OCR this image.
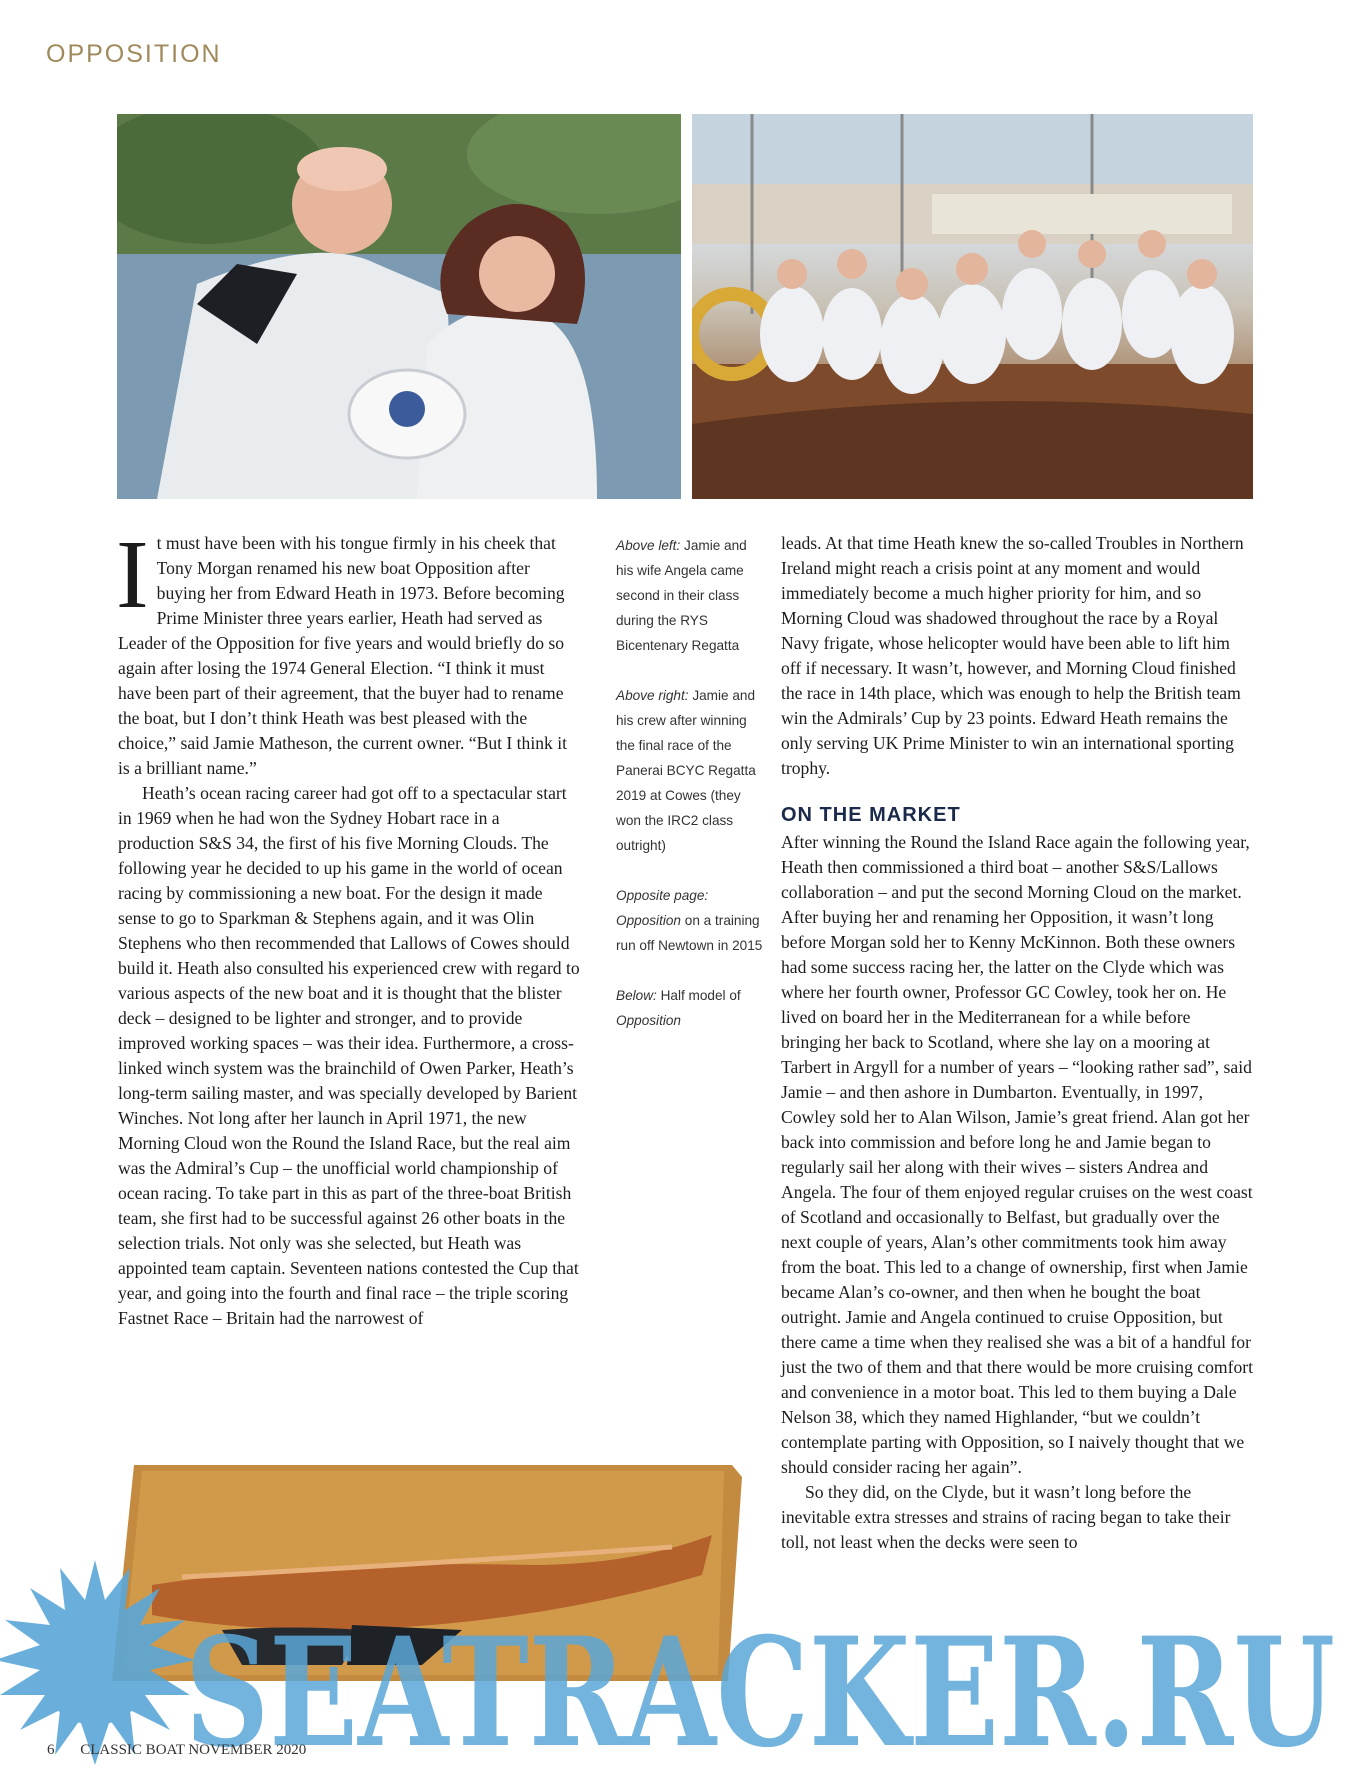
OPPOSITION

It must have been with his tongue firmly in his cheek that Tony Morgan renamed his new boat Opposition after buying her from Edward Heath in 1973. Before becoming Prime Minister three years earlier, Heath had served as Leader of the Opposition for five years and would briefly do so again after losing the 1974 General Election. “I think it must have been part of their agreement, that the buyer had to rename the boat, but I don’t think Heath was best pleased with the choice,” said Jamie Matheson, the current owner. “But I think it is a brilliant name.”

Heath’s ocean racing career had got off to a spectacular start in 1969 when he had won the Sydney Hobart race in a production S&S 34, the first of his five Morning Clouds. The following year he decided to up his game in the world of ocean racing by commissioning a new boat. For the design it made sense to go to Sparkman & Stephens again, and it was Olin Stephens who then recommended that Lallows of Cowes should build it. Heath also consulted his experienced crew with regard to various aspects of the new boat and it is thought that the blister deck – designed to be lighter and stronger, and to provide improved working spaces – was their idea. Furthermore, a cross-linked winch system was the brainchild of Owen Parker, Heath’s long-term sailing master, and was specially developed by Barient Winches. Not long after her launch in April 1971, the new Morning Cloud won the Round the Island Race, but the real aim was the Admiral’s Cup – the unofficial world championship of ocean racing. To take part in this as part of the three-boat British team, she first had to be successful against 26 other boats in the selection trials. Not only was she selected, but Heath was appointed team captain. Seventeen nations contested the Cup that year, and going into the fourth and final race – the triple scoring Fastnet Race – Britain had the narrowest of

Above left: Jamie and his wife Angela came second in their class during the RYS Bicentenary Regatta
Above right: Jamie and his crew after winning the final race of the Panerai BCYC Regatta 2019 at Cowes (they won the IRC2 class outright)
Opposite page: Opposition on a training run off Newtown in 2015
Below: Half model of Opposition

leads. At that time Heath knew the so-called Troubles in Northern Ireland might reach a crisis point at any moment and would immediately become a much higher priority for him, and so Morning Cloud was shadowed throughout the race by a Royal Navy frigate, whose helicopter would have been able to lift him off if necessary. It wasn’t, however, and Morning Cloud finished the race in 14th place, which was enough to help the British team win the Admirals’ Cup by 23 points. Edward Heath remains the only serving UK Prime Minister to win an international sporting trophy.

ON THE MARKET

After winning the Round the Island Race again the following year, Heath then commissioned a third boat – another S&S/Lallows collaboration – and put the second Morning Cloud on the market. After buying her and renaming her Opposition, it wasn’t long before Morgan sold her to Kenny McKinnon. Both these owners had some success racing her, the latter on the Clyde which was where her fourth owner, Professor GC Cowley, took her on. He lived on board her in the Mediterranean for a while before bringing her back to Scotland, where she lay on a mooring at Tarbert in Argyll for a number of years – “looking rather sad”, said Jamie – and then ashore in Dumbarton. Eventually, in 1997, Cowley sold her to Alan Wilson, Jamie’s great friend. Alan got her back into commission and before long he and Jamie began to regularly sail her along with their wives – sisters Andrea and Angela. The four of them enjoyed regular cruises on the west coast of Scotland and occasionally to Belfast, but gradually over the next couple of years, Alan’s other commitments took him away from the boat. This led to a change of ownership, first when Jamie became Alan’s co-owner, and then when he bought the boat outright. Jamie and Angela continued to cruise Opposition, but there came a time when they realised she was a bit of a handful for just the two of them and that there would be more cruising comfort and convenience in a motor boat. This led to them buying a Dale Nelson 38, which they named Highlander, “but we couldn’t contemplate parting with Opposition, so I naively thought that we should consider racing her again”.

So they did, on the Clyde, but it wasn’t long before the inevitable extra stresses and strains of racing began to take their toll, not least when the decks were seen to

SEATRACKER.RU
6 CLASSIC BOAT NOVEMBER 2020
